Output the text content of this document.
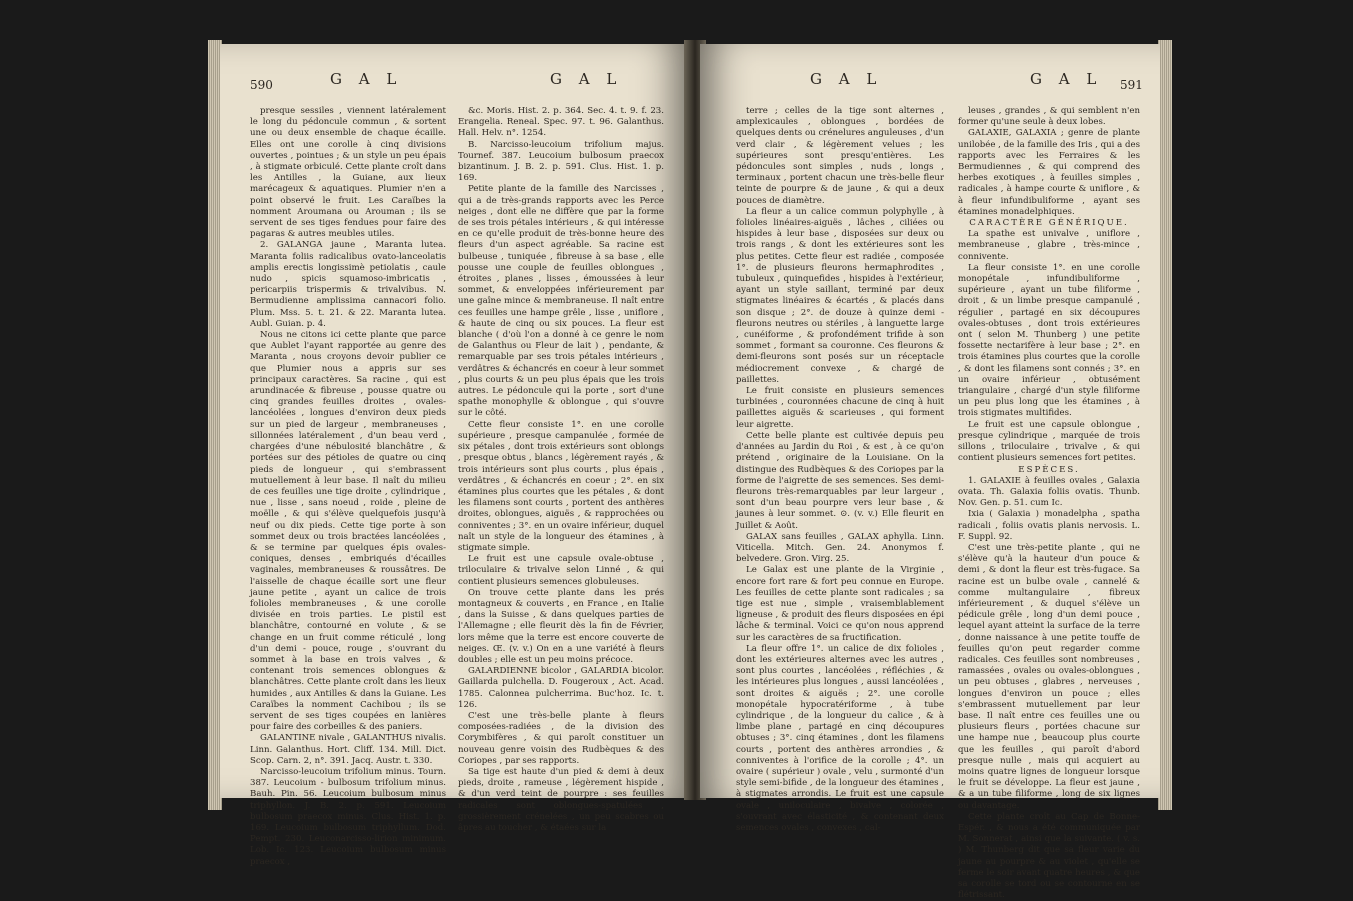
590	G A L	G A L

presque sessiles , viennent latéralement le long du pédoncule commun , & sortent une ou deux ensemble de chaque écaille. Elles ont une corolle à cinq divisions ouvertes , pointues ; & un style un peu épais , à stigmate orbiculé. Cette plante croît dans les Antilles , la Guiane, aux lieux marécageux & aquatiques. Plumier n'en a point observé le fruit. Les Caraïbes la nomment Aroumana ou Arouman ; ils se servent de ses tiges fendues pour faire des pagaras & autres meubles utiles.

2. GALANGA jaune , Maranta lutea. Maranta foliis radicalibus ovato-lanceolatis amplis erectis longissimè petiolatis , caule nudo , spicis squamoso-imbricatis , pericarpiis trispermis & trivalvibus. N. Bermudienne amplissima cannacori folio. Plum. Mss. 5. t. 21. & 22. Maranta lutea. Aubl. Guian. p. 4.

Nous ne citons ici cette plante que parce que Aublet l'ayant rapportée au genre des Maranta , nous croyons devoir publier ce que Plumier nous a appris sur ses principaux caractères. Sa racine , qui est arundinacée & fibreuse , pousse quatre ou cinq grandes feuilles droites , ovales-lancéolées , longues d'environ deux pieds sur un pied de largeur , membraneuses , sillonnées latéralement , d'un beau verd , chargées d'une nébulosité blanchâtre , & portées sur des pétioles de quatre ou cinq pieds de longueur , qui s'embrassent mutuellement à leur base. Il naît du milieu de ces feuilles une tige droite , cylindrique , nue , lisse , sans noeud , roide , pleine de moëlle , & qui s'élève quelquefois jusqu'à neuf ou dix pieds. Cette tige porte à son sommet deux ou trois bractées lancéolées , & se termine par quelques épis ovales-coniques, denses , embriqués d'écailles vaginales, membraneuses & roussâtres. De l'aisselle de chaque écaille sort une fleur jaune petite , ayant un calice de trois folioles membraneuses , & une corolle divisée en trois parties. Le pistil est blanchâtre, contourné en volute , & se change en un fruit comme réticulé , long d'un demi - pouce, rouge , s'ouvrant du sommet à la base en trois valves , & contenant trois semences oblongues & blanchâtres. Cette plante croît dans les lieux humides , aux Antilles & dans la Guiane. Les Caraïbes la nomment Cachibou ; ils se servent de ses tiges coupées en lanières pour faire des corbeilles & des paniers.

GALANTINE nivale , GALANTHUS nivalis. Linn. Galanthus. Hort. Cliff. 134. Mill. Dict. Scop. Carn. 2, n°. 391. Jacq. Austr. t. 330.

Narcisso-leucoium trifolium minus. Tourn. 387. Leucoium - bulbosum trifolium minus. Bauh. Pin. 56. Leucoium bulbosum minus triphyllon. J. B. 2. p. 591. Leucoium bulbosum praecox minus. Clus. Hist. 1. p. 169. Leucoium bulbosum triphyllum. Dod. Pempt. 230. Leuconarcisso-lirion minimum. Lob. Ic. 123. Leucoium bulbosum minus praecox ,

&c. Moris. Hist. 2. p. 364. Sec. 4. t. 9. f. 23. Erangelia. Reneal. Spec. 97. t. 96. Galanthus. Hall. Helv. n°. 1254.

B. Narcisso-leucoium trifolium majus. Tournef. 387. Leucoium bulbosum praecox bizantinum. J. B. 2. p. 591. Clus. Hist. 1. p. 169.

Petite plante de la famille des Narcisses , qui a de très-grands rapports avec les Perce neiges , dont elle ne diffère que par la forme de ses trois pétales intérieurs , & qui intéresse en ce qu'elle produit de très-bonne heure des fleurs d'un aspect agréable. Sa racine est bulbeuse , tuniquée , fibreuse à sa base , elle pousse une couple de feuilles oblongues , étroites , planes , lisses , émoussées à leur sommet, & enveloppées inférieurement par une gaîne mince & membraneuse. Il naît entre ces feuilles une hampe grêle , lisse , uniflore , & haute de cinq ou six pouces. La fleur est blanche ( d'où l'on a donné à ce genre le nom de Galanthus ou Fleur de lait ) , pendante, & remarquable par ses trois pétales intérieurs , verdâtres & échancrés en coeur à leur sommet , plus courts & un peu plus épais que les trois autres. Le pédoncule qui la porte , sort d'une spathe monophylle & oblongue , qui s'ouvre sur le côté.

Cette fleur consiste 1°. en une corolle supérieure , presque campanulée , formée de six pétales , dont trois extérieurs sont oblongs , presque obtus , blancs , légèrement rayés , & trois intérieurs sont plus courts , plus épais , verdâtres , & échancrés en coeur ; 2°. en six étamines plus courtes que les pétales , & dont les filamens sont courts , portent des anthères droites, oblongues, aiguës , & rapprochées ou conniventes ; 3°. en un ovaire inférieur, duquel naît un style de la longueur des étamines , à stigmate simple.

Le fruit est une capsule ovale-obtuse , triloculaire & trivalve selon Linné , & qui contient plusieurs semences globuleuses.

On trouve cette plante dans les prés montagneux & couverts , en France , en Italie , dans la Suisse , & dans quelques parties de l'Allemagne ; elle fleurit dès la fin de Février, lors même que la terre est encore couverte de neiges. Œ. (v. v.) On en a une variété à fleurs doubles ; elle est un peu moins précoce.

GALARDIENNE bicolor , GALARDIA bicolor. Gaillarda pulchella. D. Fougeroux , Act. Acad. 1785. Calonnea pulcherrima. Buc'hoz. Ic. t. 126.

C'est une très-belle plante à fleurs composées-radiées , de la division des Corymbifères , & qui paroît constituer un nouveau genre voisin des Rudbèques & des Coriopes , par ses rapports.

Sa tige est haute d'un pied & demi à deux pieds, droite , rameuse , légèrement hispide , & d'un verd teint de pourpre : ses feuilles radicales sont oblongues-spatulées , grossièrement crénelées , un peu scabres ou âpres au toucher , & étaées sur la

G A L	G A L 591

terre ; celles de la tige sont alternes , amplexicaules , oblongues , bordées de quelques dents ou crénelures anguleuses , d'un verd clair , & légèrement velues ; les supérieures sont presqu'entières. Les pédoncules sont simples , nuds , longs , terminaux , portent chacun une très-belle fleur teinte de pourpre & de jaune , & qui a deux pouces de diamètre.

La fleur a un calice commun polyphylle , à folioles linéaires-aiguës , lâches , ciliées ou hispides à leur base , disposées sur deux ou trois rangs , & dont les extérieures sont les plus petites. Cette fleur est radiée , composée 1°. de plusieurs fleurons hermaphrodites , tubuleux , quinquefides , hispides à l'extérieur, ayant un style saillant, terminé par deux stigmates linéaires & écartés , & placés dans son disque ; 2°. de douze à quinze demi - fleurons neutres ou stériles , à languette large , cunéiforme , & profondément trifide à son sommet , formant sa couronne. Ces fleurons & demi-fleurons sont posés sur un réceptacle médiocrement convexe , & chargé de paillettes.

Le fruit consiste en plusieurs semences turbinées , couronnées chacune de cinq à huit paillettes aiguës & scarieuses , qui forment leur aigrette.

Cette belle plante est cultivée depuis peu d'années au Jardin du Roi , & est , à ce qu'on prétend , originaire de la Louisiane. On la distingue des Rudbèques & des Coriopes par la forme de l'aigrette de ses semences. Ses demi-fleurons très-remarquables par leur largeur , sont d'un beau pourpre vers leur base , & jaunes à leur sommet. ⊙. (v. v.) Elle fleurit en Juillet & Août.

GALAX sans feuilles , GALAX aphylla. Linn. Viticella. Mitch. Gen. 24. Anonymos f. belvedere. Gron. Virg. 25.

Le Galax est une plante de la Virginie , encore fort rare & fort peu connue en Europe. Les feuilles de cette plante sont radicales ; sa tige est nue , simple , vraisemblablement ligneuse , & produit des fleurs disposées en épi lâche & terminal. Voici ce qu'on nous apprend sur les caractères de sa fructification.

La fleur offre 1°. un calice de dix folioles , dont les extérieures alternes avec les autres , sont plus courtes , lancéolées , réfléchies , & les intérieures plus longues , aussi lancéolées , sont droites & aiguës ; 2°. une corolle monopétale hypocratériforme , à tube cylindrique , de la longueur du calice , & à limbe plane , partagé en cinq découpures obtuses ; 3°. cinq étamines , dont les filamens courts , portent des anthères arrondies , & conniventes à l'orifice de la corolle ; 4°. un ovaire ( supérieur ) ovale , velu , surmonté d'un style semi-bifide , de la longueur des étamines , à stigmates arrondis. Le fruit est une capsule ovale , uniloculaire , bivalve , colorée , s'ouvrant avec élasticité , & contenant deux semences ovales , convexes , cal-

leuses , grandes , & qui semblent n'en former qu'une seule à deux lobes.

GALAXIE, GALAXIA ; genre de plante unilobée , de la famille des Iris , qui a des rapports avec les Ferraires & les Bermudiennes , & qui comprend des herbes exotiques , à feuilles simples , radicales , à hampe courte & uniflore , & à fleur infundibuliforme , ayant ses étamines monadelphiques.

CARACTÈRE GÉNÉRIQUE.

La spathe est univalve , uniflore , membraneuse , glabre , très-mince , connivente.

La fleur consiste 1°. en une corolle monopétale , infundibuliforme , supérieure , ayant un tube filiforme , droit , & un limbe presque campanulé , régulier , partagé en six découpures ovales-obtuses , dont trois extérieures ont ( selon M. Thunberg ) une petite fossette nectarifère à leur base ; 2°. en trois étamines plus courtes que la corolle , & dont les filamens sont connés ; 3°. en un ovaire inférieur , obtusément triangulaire , chargé d'un style filiforme un peu plus long que les étamines , à trois stigmates multifides.

Le fruit est une capsule oblongue , presque cylindrique , marquée de trois sillons , triloculaire , trivalve , & qui contient plusieurs semences fort petites.

ESPÈCES.

1. GALAXIE à feuilles ovales , Galaxia ovata. Th. Galaxia foliis ovatis. Thunb. Nov. Gen. p. 51. cum Ic.

Ixia ( Galaxia ) monadelpha , spatha radicali , foliis ovatis planis nervosis. L. F. Suppl. 92.

C'est une très-petite plante , qui ne s'élève qu'à la hauteur d'un pouce & demi , & dont la fleur est très-fugace. Sa racine est un bulbe ovale , cannelé & comme multangulaire , fibreux inférieurement , & duquel s'élève un pédicule grêle , long d'un demi pouce , lequel ayant atteint la surface de la terre , donne naissance à une petite touffe de feuilles qu'on peut regarder comme radicales. Ces feuilles sont nombreuses , ramassées , ovales ou ovales-oblongues , un peu obtuses , glabres , nerveuses , longues d'environ un pouce ; elles s'embrassent mutuellement par leur base. Il naît entre ces feuilles une ou plusieurs fleurs , portées chacune sur une hampe nue , beaucoup plus courte que les feuilles , qui paroît d'abord presque nulle , mais qui acquiert au moins quatre lignes de longueur lorsque le fruit se développe. La fleur est jaune , & a un tube filiforme , long de six lignes ou davantage.

Cette plante croît au Cap de Bonne-Espér. , & nous a été communiquée par M. Sonnerat , ainsi que la suivante. ( v. s. ) M. Thunberg dit que sa fleur varie du jaune au pourpre & au violet , qu'elle se ferme le soir avant quatre heures , & que sa corolle se tord ou se contourne en se flétrissant.
